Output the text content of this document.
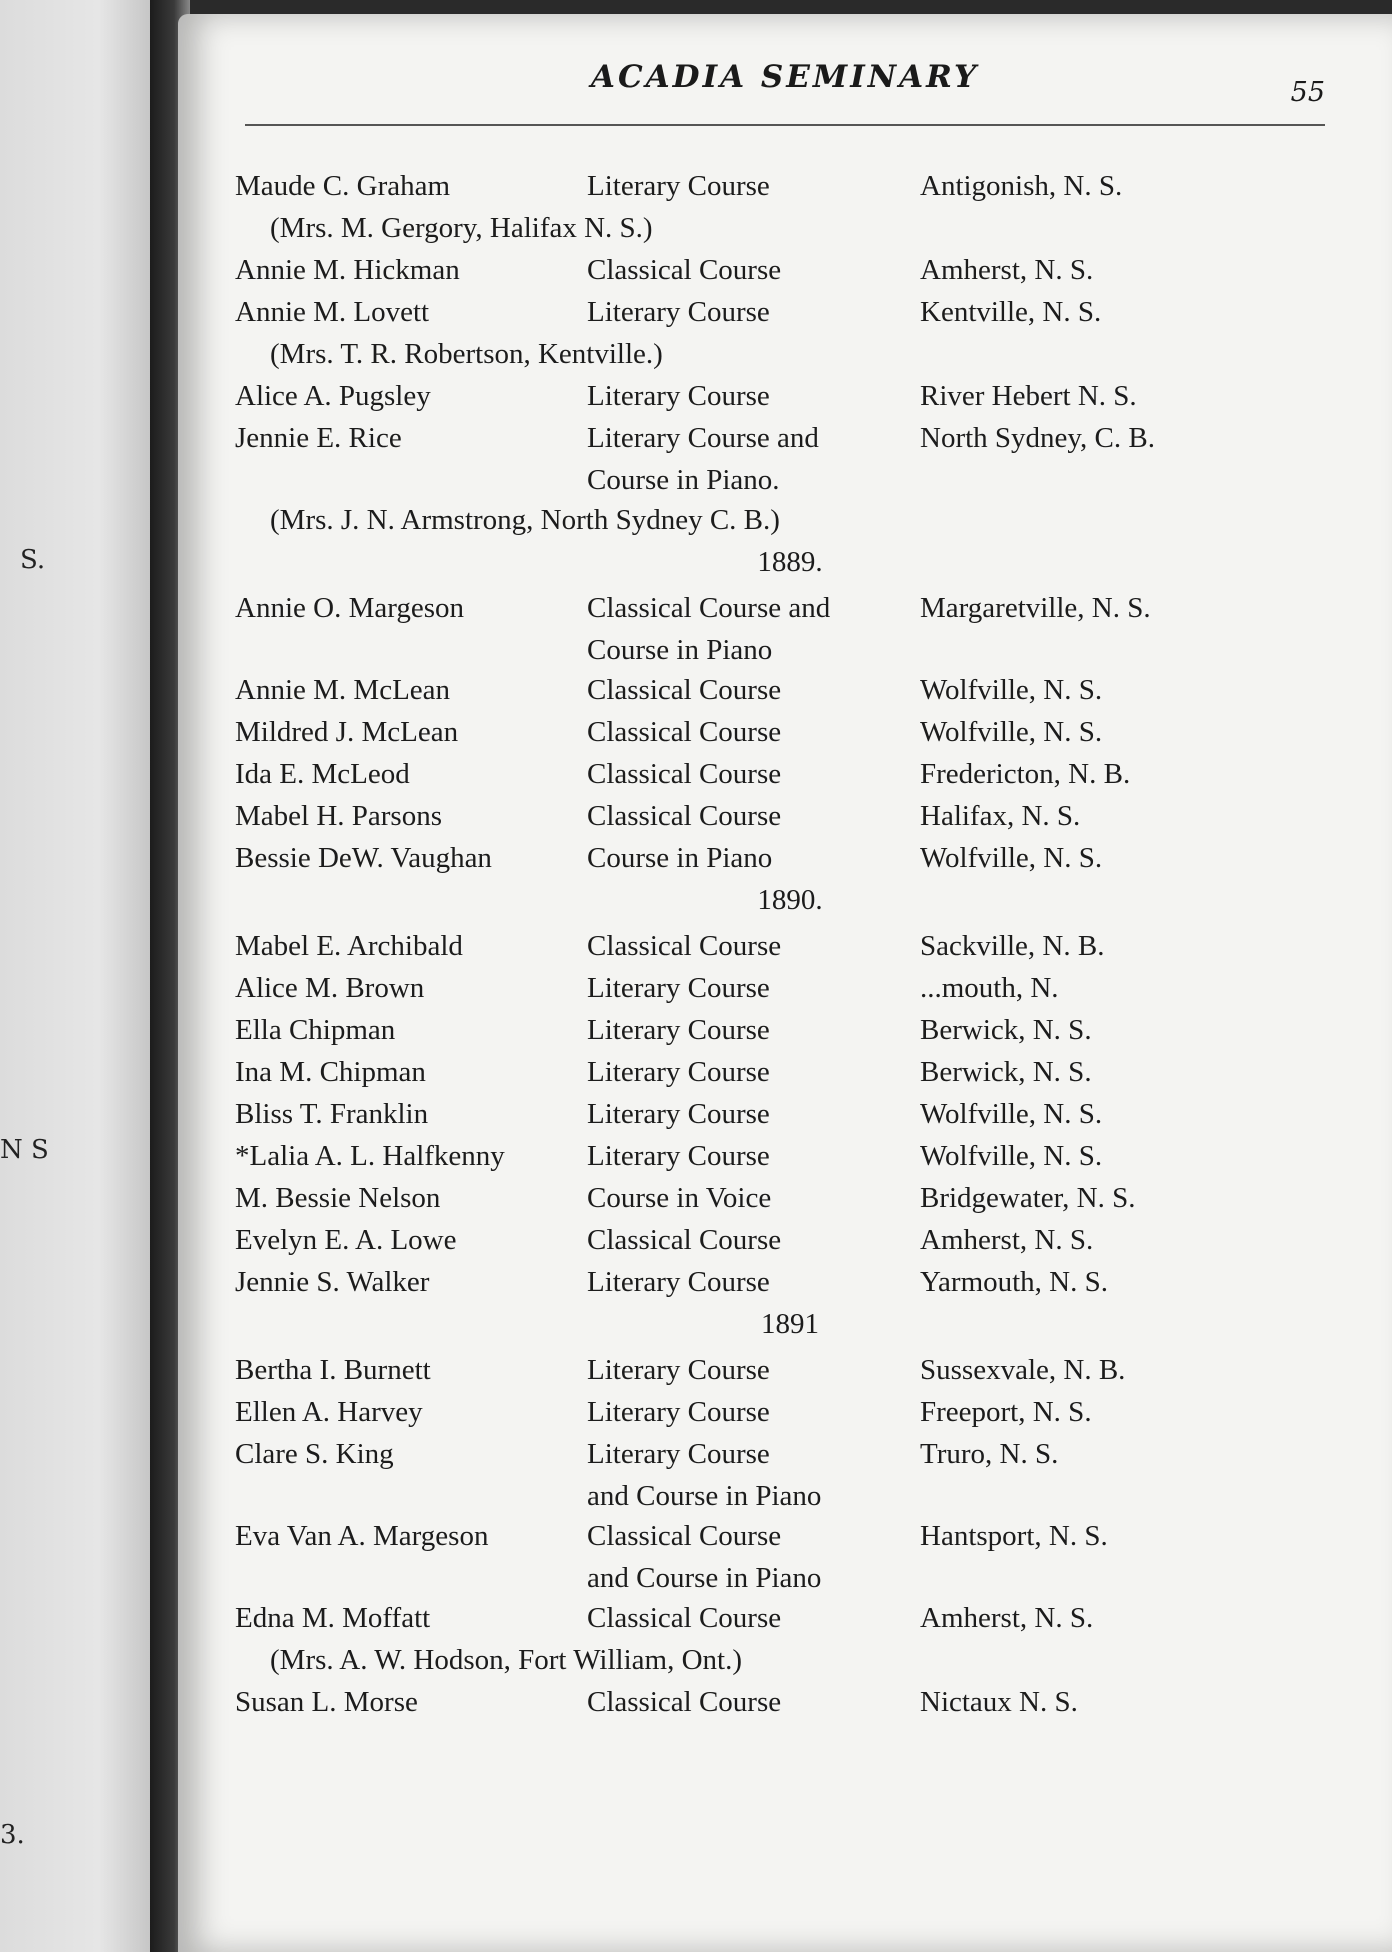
S.
N S
3.
ACADIA SEMINARY	55
Maude C. Graham	Literary Course	Antigonish, N. S.
(Mrs. M. Gergory, Halifax N. S.)
Annie M. Hickman	Classical Course	Amherst, N. S.
Annie M. Lovett	Literary Course	Kentville, N. S.
(Mrs. T. R. Robertson, Kentville.)
Alice A. Pugsley	Literary Course	River Hebert N. S.
Jennie E. Rice	Literary Course and	North Sydney, C. B.
Course in Piano.
(Mrs. J. N. Armstrong, North Sydney C. B.)
1889.
Annie O. Margeson	Classical Course and	Margaretville, N. S.
Course in Piano
Annie M. McLean	Classical Course	Wolfville, N. S.
Mildred J. McLean	Classical Course	Wolfville, N. S.
Ida E. McLeod	Classical Course	Fredericton, N. B.
Mabel H. Parsons	Classical Course	Halifax, N. S.
Bessie DeW. Vaughan	Course in Piano	Wolfville, N. S.
1890.
Mabel E. Archibald	Classical Course	Sackville, N. B.
Alice M. Brown	Literary Course	...mouth, N.
Ella Chipman	Literary Course	Berwick, N. S.
Ina M. Chipman	Literary Course	Berwick, N. S.
Bliss T. Franklin	Literary Course	Wolfville, N. S.
*Lalia A. L. Halfkenny	Literary Course	Wolfville, N. S.
M. Bessie Nelson	Course in Voice	Bridgewater, N. S.
Evelyn E. A. Lowe	Classical Course	Amherst, N. S.
Jennie S. Walker	Literary Course	Yarmouth, N. S.
1891
Bertha I. Burnett	Literary Course	Sussexvale, N. B.
Ellen A. Harvey	Literary Course	Freeport, N. S.
Clare S. King	Literary Course	Truro, N. S.
and Course in Piano
Eva Van A. Margeson	Classical Course	Hantsport, N. S.
and Course in Piano
Edna M. Moffatt	Classical Course	Amherst, N. S.
(Mrs. A. W. Hodson, Fort William, Ont.)
Susan L. Morse	Classical Course	Nictaux N. S.
